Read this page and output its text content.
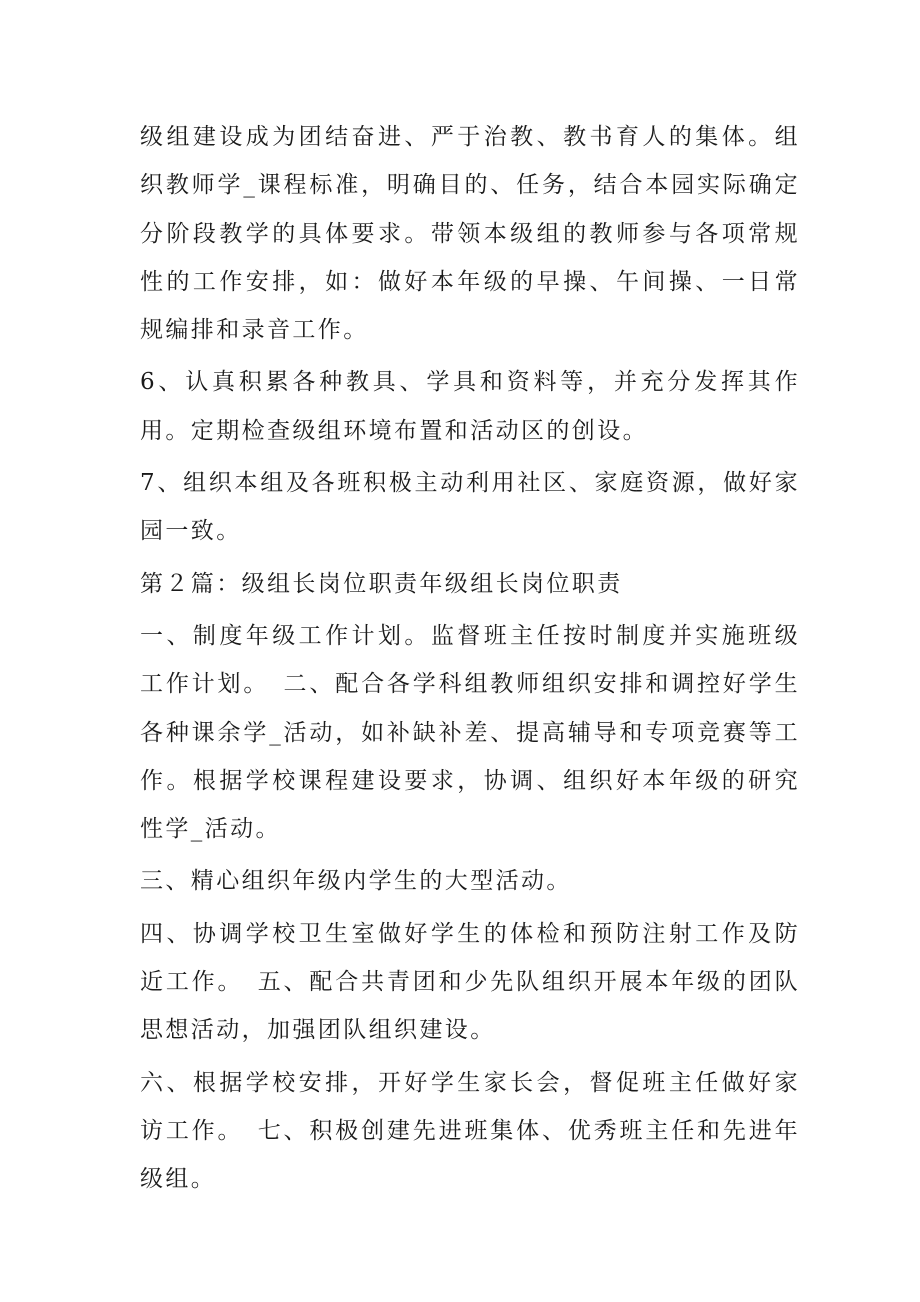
级组建设成为团结奋进、严于治教、教书育人的集体。组织教师学_课程标准，明确目的、任务，结合本园实际确定分阶段教学的具体要求。带领本级组的教师参与各项常规性的工作安排，如：做好本年级的早操、午间操、一日常规编排和录音工作。

6、认真积累各种教具、学具和资料等，并充分发挥其作用。定期检查级组环境布置和活动区的创设。

7、组织本组及各班积极主动利用社区、家庭资源，做好家园一致。

第２篇：级组长岗位职责年级组长岗位职责

一、制度年级工作计划。监督班主任按时制度并实施班级工作计划。　二、配合各学科组教师组织安排和调控好学生各种课余学_活动，如补缺补差、提高辅导和专项竞赛等工作。根据学校课程建设要求，协调、组织好本年级的研究性学_活动。

三、精心组织年级内学生的大型活动。

四、协调学校卫生室做好学生的体检和预防注射工作及防近工作。　五、配合共青团和少先队组织开展本年级的团队思想活动，加强团队组织建设。

六、根据学校安排，开好学生家长会，督促班主任做好家访工作。　七、积极创建先进班集体、优秀班主任和先进年级组。
